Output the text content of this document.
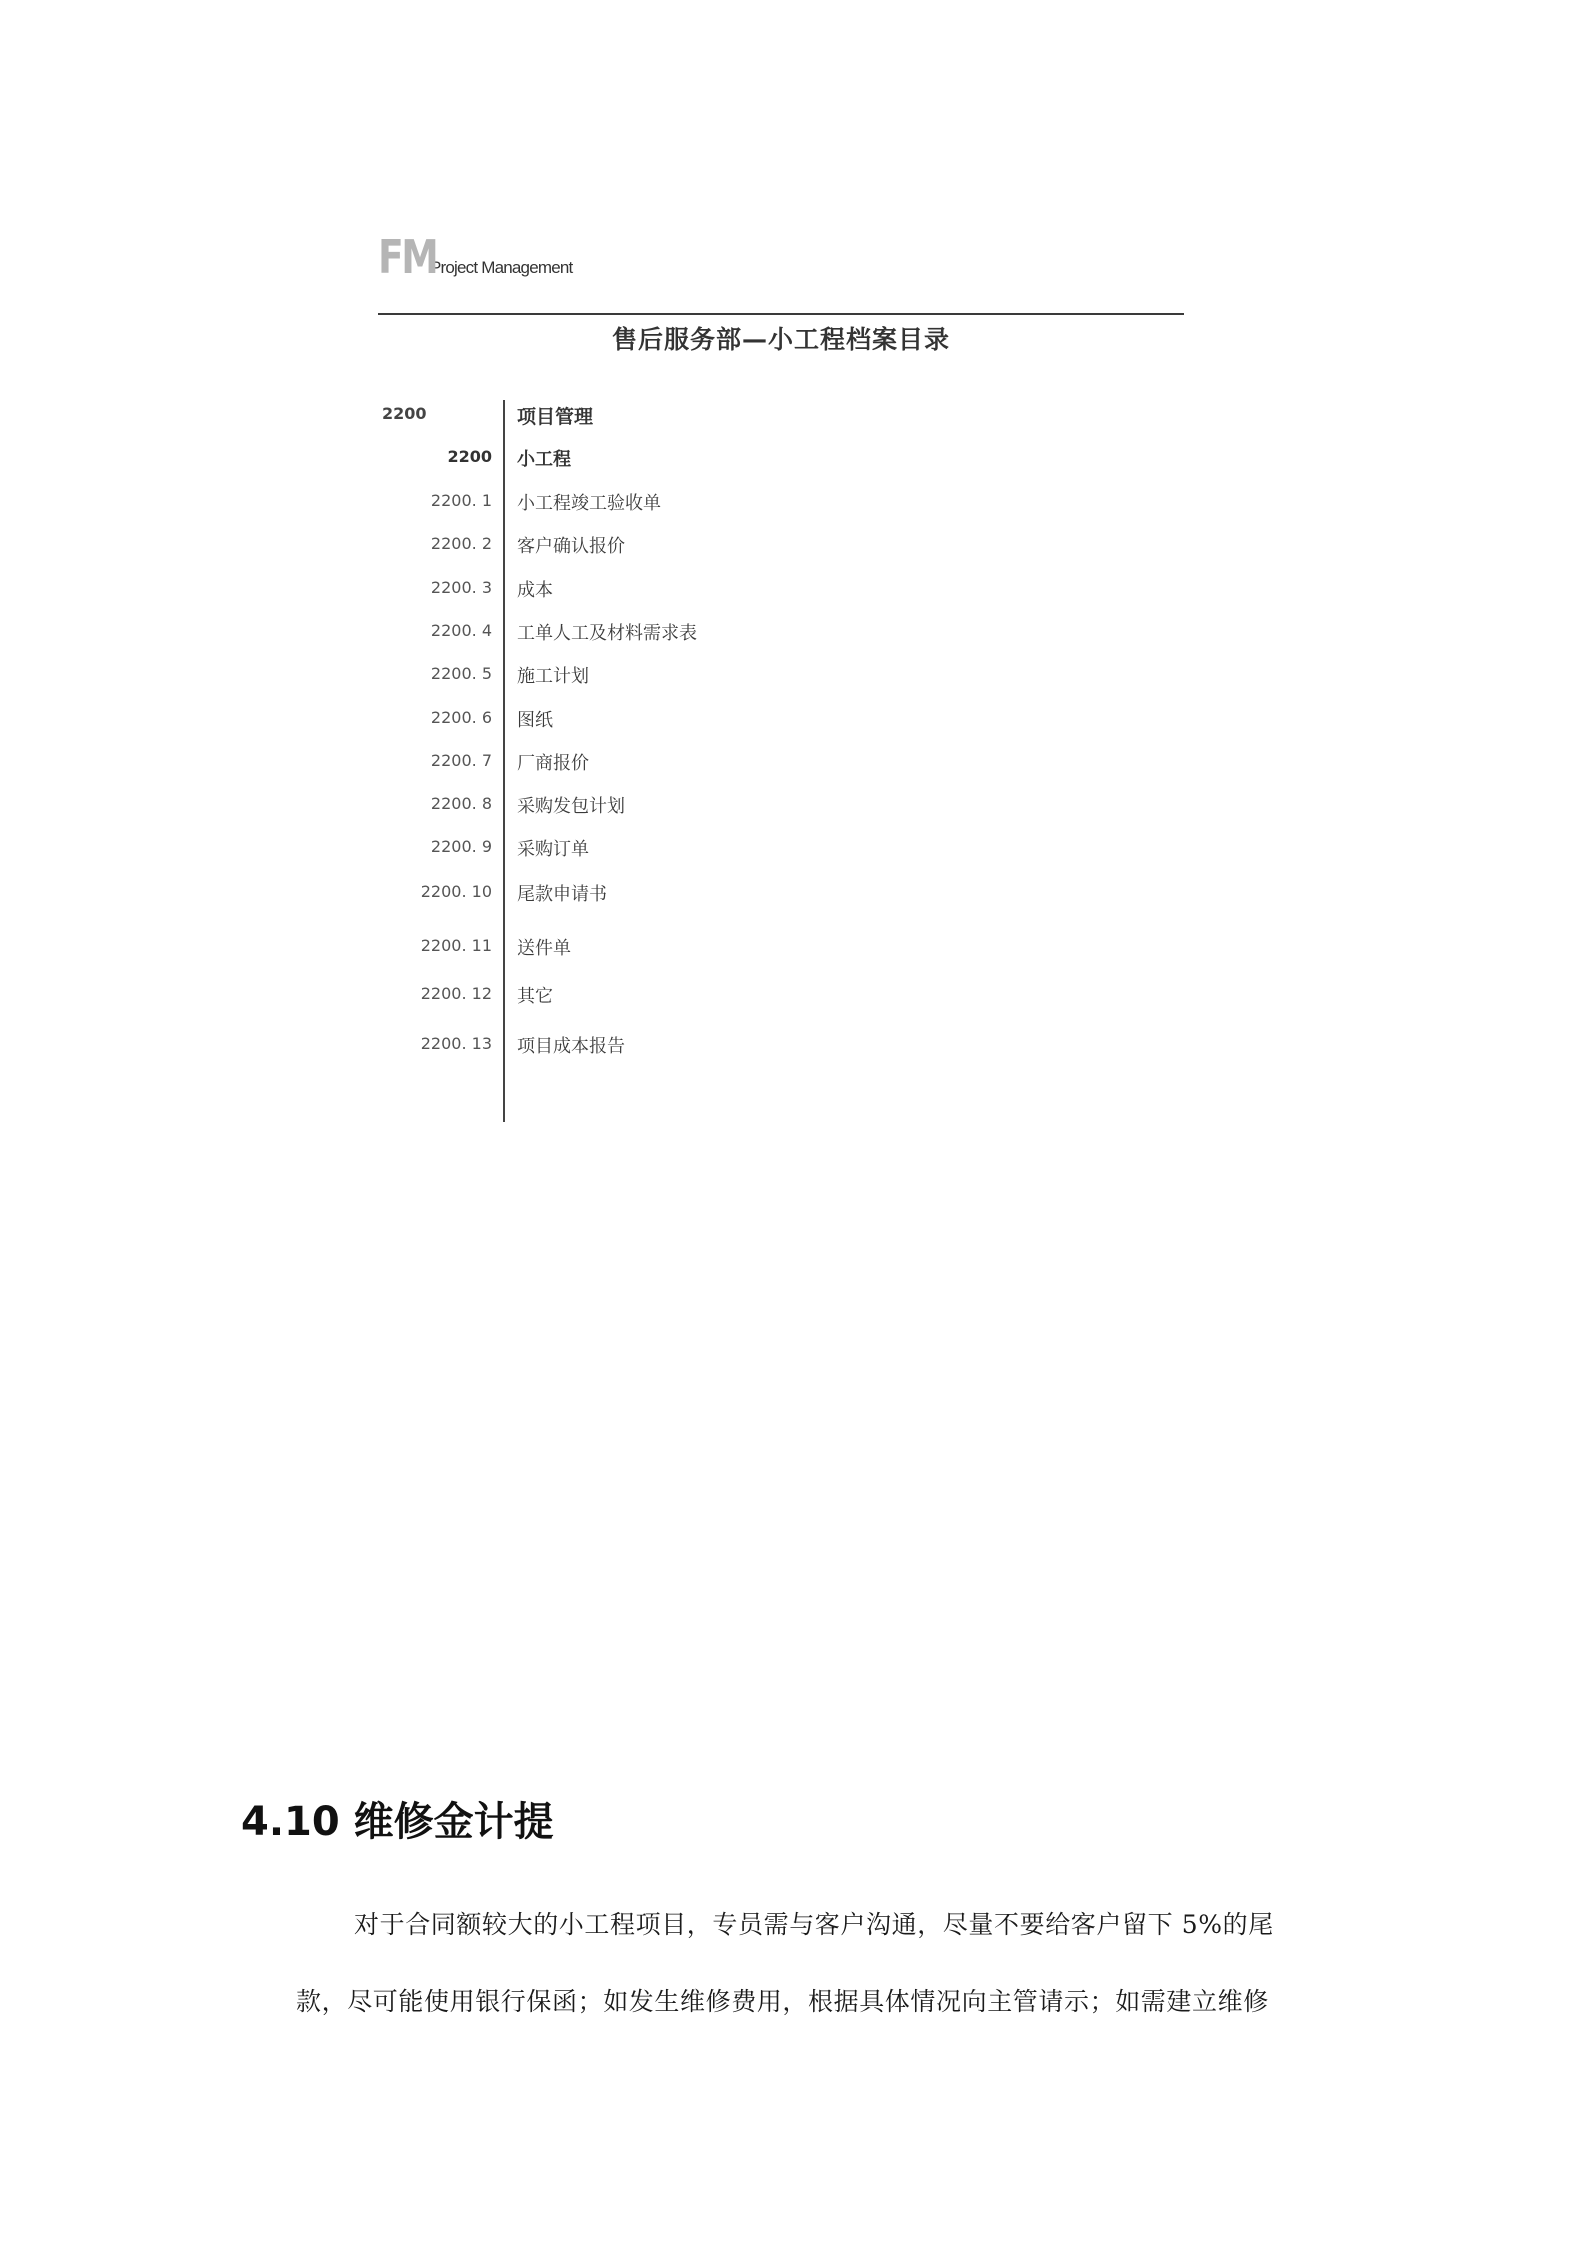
FM
Project Management
售后服务部—小工程档案目录
2200	项目管理
2200 小工程
2200. 1 小工程竣工验收单
2200. 2 客户确认报价
2200. 3 成本
2200. 4 工单人工及材料需求表
2200. 5 施工计划
2200. 6 图纸
2200. 7 厂商报价
2200. 8 采购发包计划
2200. 9 采购订单
2200. 10 尾款申请书
2200. 11 送件单
2200. 12 其它
2200. 13 项目成本报告
4.10 维修金计提
对于合同额较大的小工程项目，专员需与客户沟通，尽量不要给客户留下 5%的尾
款，尽可能使用银行保函；如发生维修费用，根据具体情况向主管请示；如需建立维修
